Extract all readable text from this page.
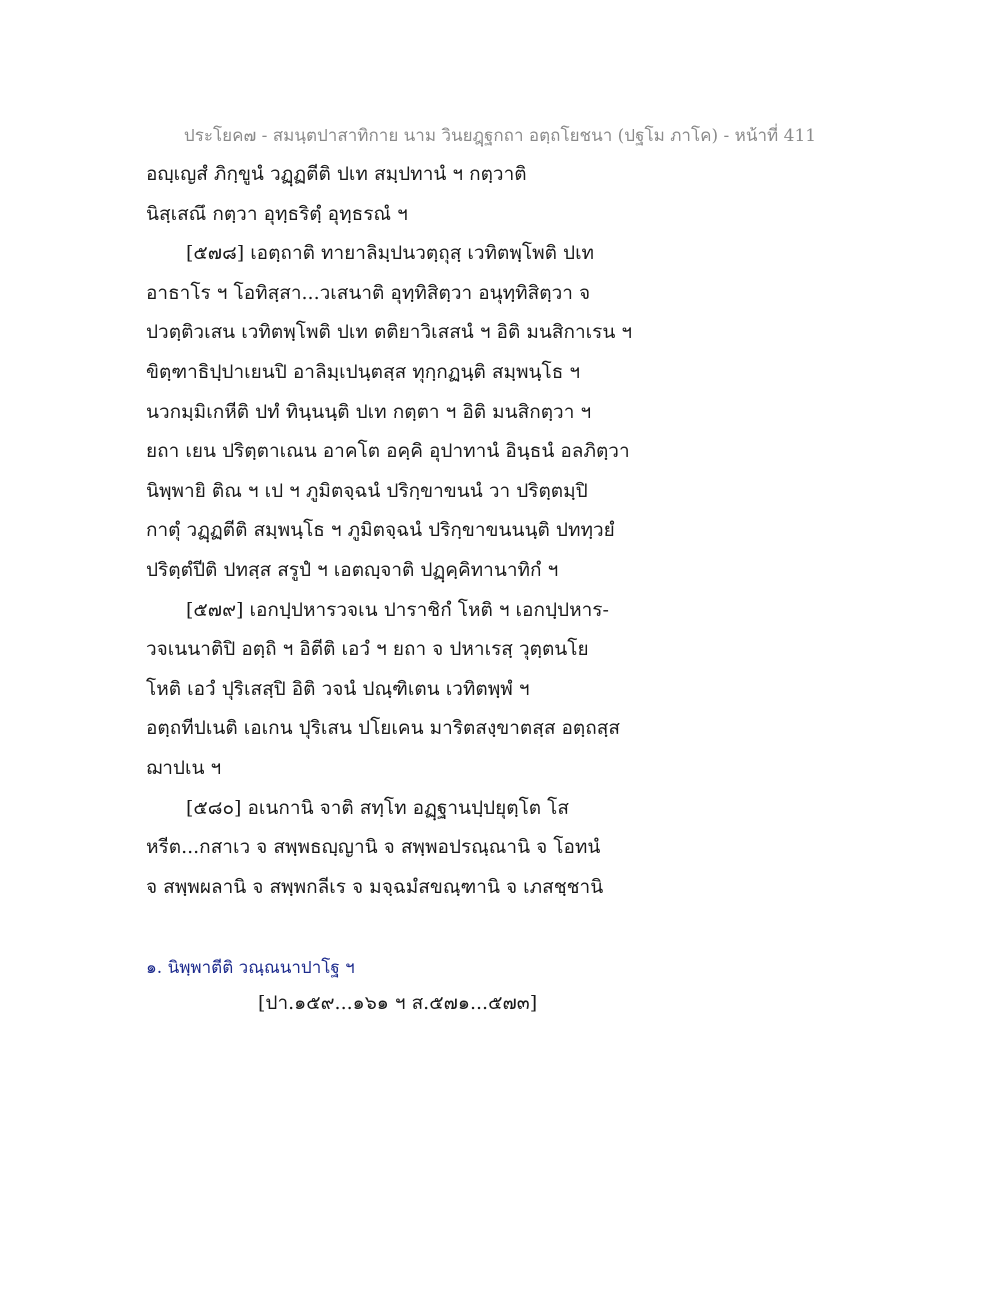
ประโยค๗ - สมนฺตปาสาทิกาย นาม วินยฎฺฐกถา อตฺถโยชนา (ปฐโม ภาโค) - หน้าที่ 411
อญฺเญสํ ภิกฺขูนํ วฏฺฏตีติ ปเท สมฺปทานํ ฯ กตฺวาติ
นิสฺเสณึ กตฺวา อุทฺธริตฺํ อุทฺธรณํ ฯ
[๕๗๘] เอตฺถาติ ทายาลิมฺปนวตฺถุสฺ เวทิตพฺโพติ ปเท
อาธาโร ฯ โอทิสฺสา...วเสนาติ อุทฺทิสิตฺวา อนุทฺทิสิตฺวา จ
ปวตฺติวเสน เวทิตพฺโพติ ปเท ตติยาวิเสสนํ ฯ อิติ มนสิกาเรน ฯ
ขิตฺฑาธิปฺปาเยนปิ อาลิมฺเปนฺตสฺส ทุกฺกฏนฺติ สมฺพนฺโธ ฯ
นวกมฺมิเกหีติ ปทํ ทินฺนนฺติ ปเท กตฺตา ฯ อิติ มนสิกตฺวา ฯ
ยถา เยน ปริตฺตาเณน อาคโต อคฺคิ อุปาทานํ อินฺธนํ อลภิตฺวา
นิพฺพายิ ติณ ฯ เป ฯ ภูมิตจฺฉนํ ปริกฺขาขนนํ วา ปริตฺตมฺปิ
กาตุํ วฏฺฏตีติ สมฺพนฺโธ ฯ ภูมิตจฺฉนํ ปริกฺขาขนนนฺติ ปททฺวยํ
ปริตฺตํปีติ ปทสฺส สรูปํ ฯ เอตญฺจาติ ปฏฺคฺคิทานาทิกํ ฯ
[๕๗๙] เอกปฺปหารวจเน ปาราชิกํ โหติ ฯ เอกปฺปหาร-
วจเนนาติปิ อตฺถิ ฯ อิตีติ เอวํ ฯ ยถา จ ปหาเรสฺ วุตฺตนโย
โหติ เอวํ ปุริเสสฺปิ อิติ วจนํ ปณฺฑิเตน เวทิตพฺพํ ฯ
อตฺถทีปเนติ เอเกน ปุริเสน ปโยเคน มาริตสงฺขาตสฺส อตฺถสฺส
ฌาปเน ฯ
[๕๘๐] อเนกานิ จาติ สทฺโท อฏฺฐานปฺปยุตฺโต โส
หรีต...กสาเว จ สพฺพธญฺญานิ จ สพฺพอปรณฺณานิ จ โอทนํ
จ สพฺพผลานิ จ สพฺพกลีเร จ มจฺฉมํสขณฺฑานิ จ เภสชฺชานิ
๑. นิพฺพาตีติ วณฺณนาปาโฐ ฯ
[ปา.๑๕๙...๑๖๑ ฯ ส.๕๗๑...๕๗๓]
